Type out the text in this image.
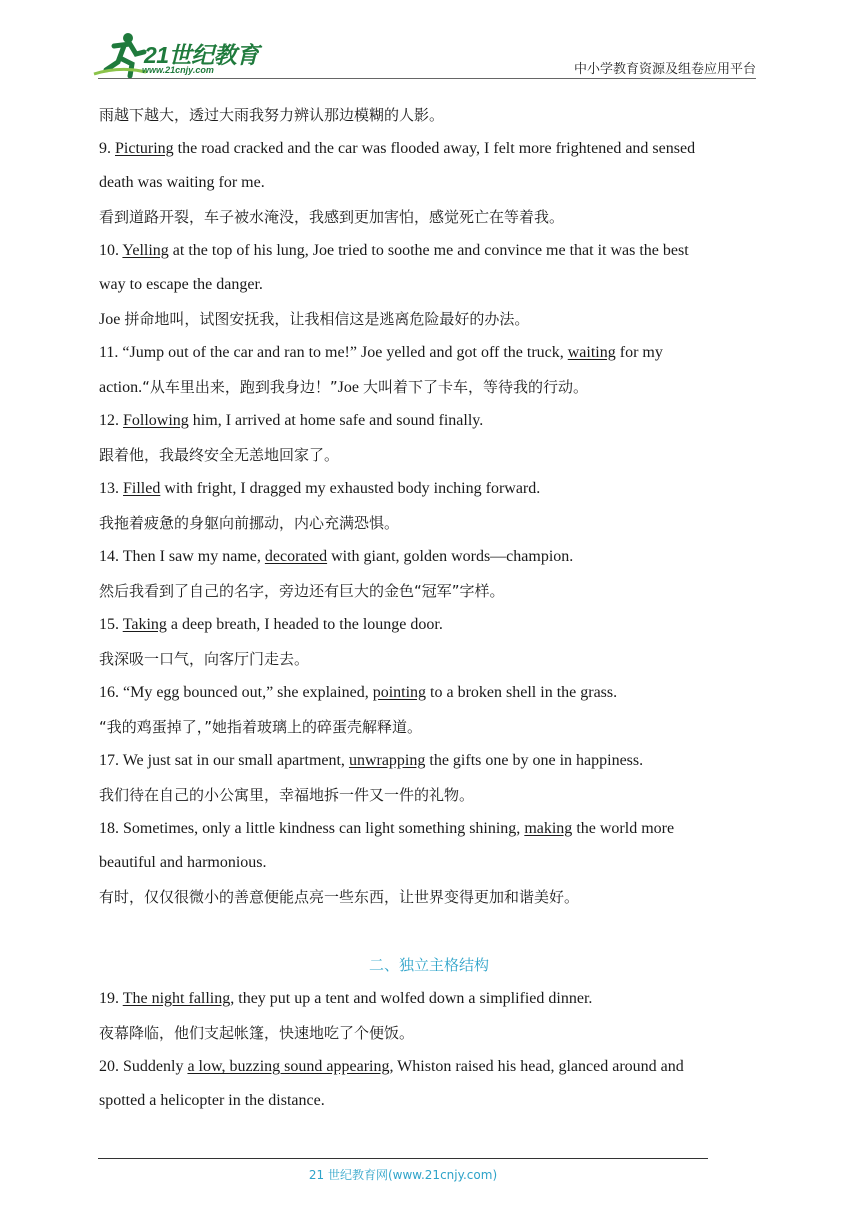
21世纪教育
www.21cnjy.com	中小学教育资源及组卷应用平台
雨越下越大，透过大雨我努力辨认那边模糊的人影。
9. Picturing the road cracked and the car was flooded away, I felt more frightened and sensed
death was waiting for me.
看到道路开裂，车子被水淹没，我感到更加害怕，感觉死亡在等着我。
10. Yelling at the top of his lung, Joe tried to soothe me and convince me that it was the best
way to escape the danger.
Joe 拼命地叫，试图安抚我，让我相信这是逃离危险最好的办法。
11. “Jump out of the car and ran to me!” Joe yelled and got off the truck, waiting for my
action.“从车里出来，跑到我身边！”Joe 大叫着下了卡车，等待我的行动。
12. Following him, I arrived at home safe and sound finally.
跟着他，我最终安全无恙地回家了。
13. Filled with fright, I dragged my exhausted body inching forward.
我拖着疲惫的身躯向前挪动，内心充满恐惧。
14. Then I saw my name, decorated with giant, golden words—champion.
然后我看到了自己的名字，旁边还有巨大的金色“冠军”字样。
15. Taking a deep breath, I headed to the lounge door.
我深吸一口气，向客厅门走去。
16. “My egg bounced out,” she explained, pointing to a broken shell in the grass.
“我的鸡蛋掉了，”她指着玻璃上的碎蛋壳解释道。
17. We just sat in our small apartment, unwrapping the gifts one by one in happiness.
我们待在自己的小公寓里，幸福地拆一件又一件的礼物。
18. Sometimes, only a little kindness can light something shining, making the world more
beautiful and harmonious.
有时，仅仅很微小的善意便能点亮一些东西，让世界变得更加和谐美好。
二、独立主格结构
19. The night falling, they put up a tent and wolfed down a simplified dinner.
夜幕降临，他们支起帐篷，快速地吃了个便饭。
20. Suddenly a low, buzzing sound appearing, Whiston raised his head, glanced around and
spotted a helicopter in the distance.
21 世纪教育网(www.21cnjy.com)
